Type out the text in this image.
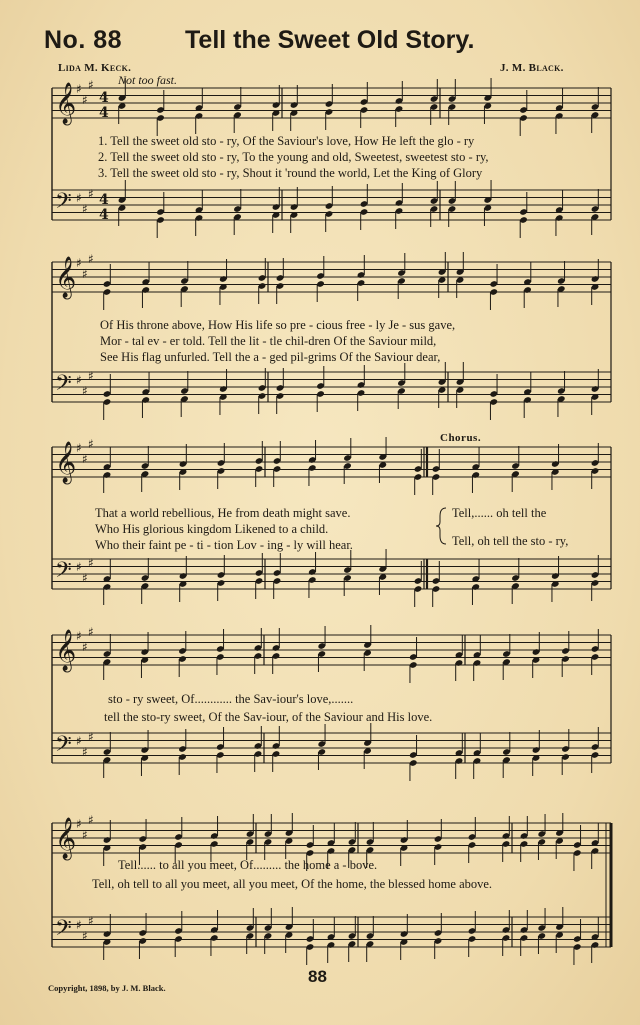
No. 88	Tell the Sweet Old Story.
Lida M. Keck.	J. M. Black.
Not too fast.
𝄞 ♯
♯
♯
4
4
𝄢 ♯
♯
♯ 4
4
𝄞 ♯
♯
♯
𝄢 ♯
♯
♯
𝄞 ♯
♯
♯
𝄢 ♯
♯
♯
𝄞 ♯
♯
♯
𝄢 ♯
♯
♯
𝄞 ♯
♯
♯
𝄢 ♯
♯
♯
1. Tell the sweet old sto - ry, Of the Saviour's love, How He left the glo - ry
2. Tell the sweet old sto - ry, To the young and old, Sweetest, sweetest sto - ry,
3. Tell the sweet old sto - ry, Shout it 'round the world, Let the King of Glory
Of His throne above, How His life so pre - cious free - ly Je - sus gave,
Mor - tal ev - er told. Tell the lit - tle chil-dren Of the Saviour mild,
See His flag unfurled. Tell the a - ged pil-grims Of the Saviour dear,
Chorus.
That a world rebellious, He from death might save.
Who His glorious kingdom Likened to a child.
Who their faint pe - ti - tion Lov - ing - ly will hear.
Tell,...... oh tell the
Tell, oh tell the sto - ry,
sto - ry sweet, Of............ the Sav-iour's love,.......
tell the sto-ry sweet, Of the Sav-iour, of the Saviour and His love.
Tell...... to all you meet, Of......... the home a - bove.
Tell, oh tell to all you meet, all you meet, Of the home, the blessed home above.
88
Copyright, 1898, by J. M. Black.
